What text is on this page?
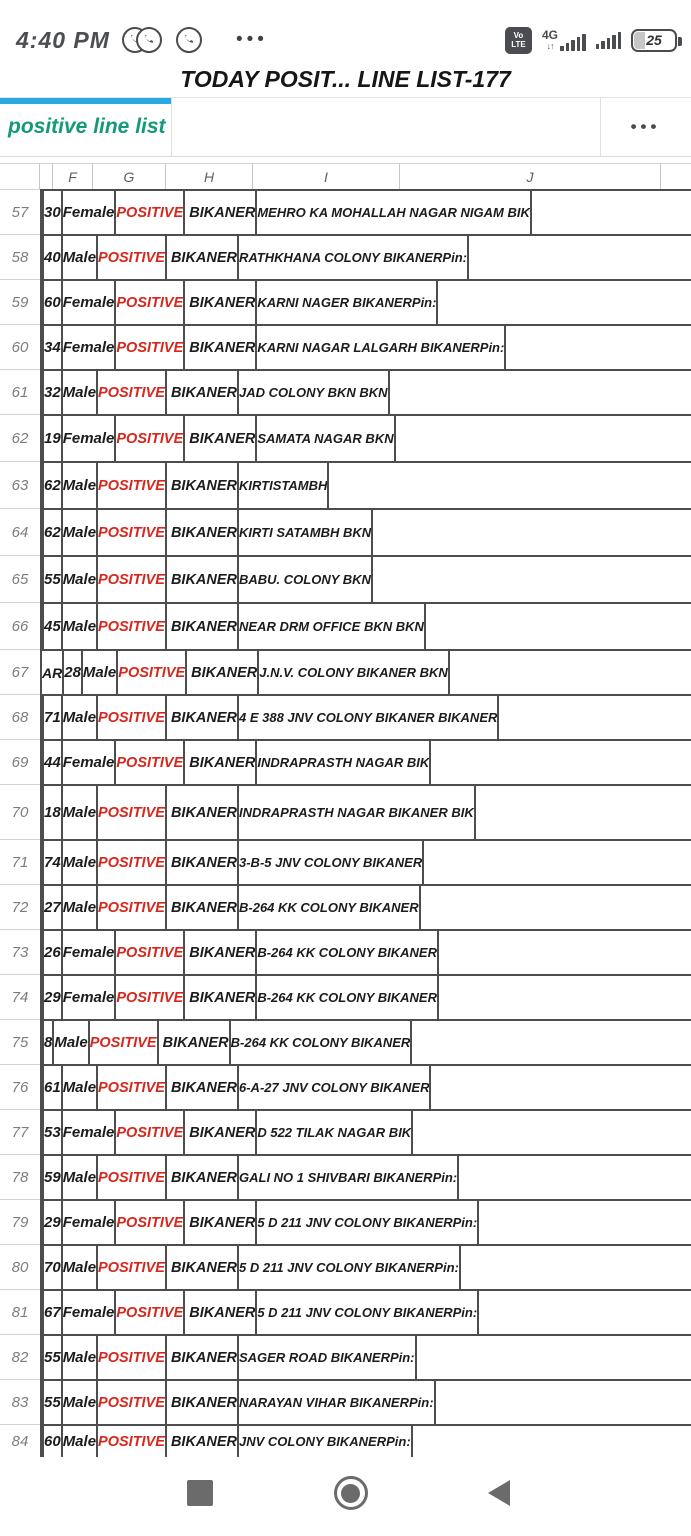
4:40 PM	•••	Vo
LTE
4G
↓↑	25
TODAY POSIT... LINE LIST-177
positive line list	•••
F	G	H	I	J
57	30 Female POSITIVE BIKANER MEHRO KA MOHALLAH NAGAR NIGAM BIK
58	40 Male POSITIVE BIKANER RATHKHANA COLONY BIKANERPin:
59	60 Female POSITIVE BIKANER KARNI NAGER BIKANERPin:
60	34 Female POSITIVE BIKANER KARNI NAGAR LALGARH BIKANERPin:
61	32 Male POSITIVE BIKANER JAD COLONY BKN BKN
62	19 Female POSITIVE BIKANER SAMATA NAGAR BKN
63	62 Male POSITIVE BIKANER KIRTISTAMBH
64	62 Male POSITIVE BIKANER KIRTI SATAMBH BKN
65	55 Male POSITIVE BIKANER BABU. COLONY BKN
66	45 Male POSITIVE BIKANER NEAR DRM OFFICE BKN BKN
67 AR 28 Male POSITIVE BIKANER J.N.V. COLONY BIKANER BKN
68	71 Male POSITIVE BIKANER 4 E 388 JNV COLONY BIKANER BIKANER
69	44 Female POSITIVE BIKANER INDRAPRASTH NAGAR BIK
70	18 Male POSITIVE BIKANER INDRAPRASTH NAGAR BIKANER BIK
71	74 Male POSITIVE BIKANER 3-B-5 JNV COLONY BIKANER
72	27 Male POSITIVE BIKANER B-264 KK COLONY BIKANER
73	26 Female POSITIVE BIKANER B-264 KK COLONY BIKANER
74	29 Female POSITIVE BIKANER B-264 KK COLONY BIKANER
75	8 Male POSITIVE BIKANER B-264 KK COLONY BIKANER
76	61 Male POSITIVE BIKANER 6-A-27 JNV COLONY BIKANER
77	53 Female POSITIVE BIKANER D 522 TILAK NAGAR BIK
78	59 Male POSITIVE BIKANER GALI NO 1 SHIVBARI BIKANERPin:
79	29 Female POSITIVE BIKANER 5 D 211 JNV COLONY BIKANERPin:
80	70 Male POSITIVE BIKANER 5 D 211 JNV COLONY BIKANERPin:
81	67 Female POSITIVE BIKANER 5 D 211 JNV COLONY BIKANERPin:
82	55 Male POSITIVE BIKANER SAGER ROAD BIKANERPin:
83	55 Male POSITIVE BIKANER NARAYAN VIHAR BIKANERPin:
84	60 Male POSITIVE BIKANER JNV COLONY BIKANERPin:
